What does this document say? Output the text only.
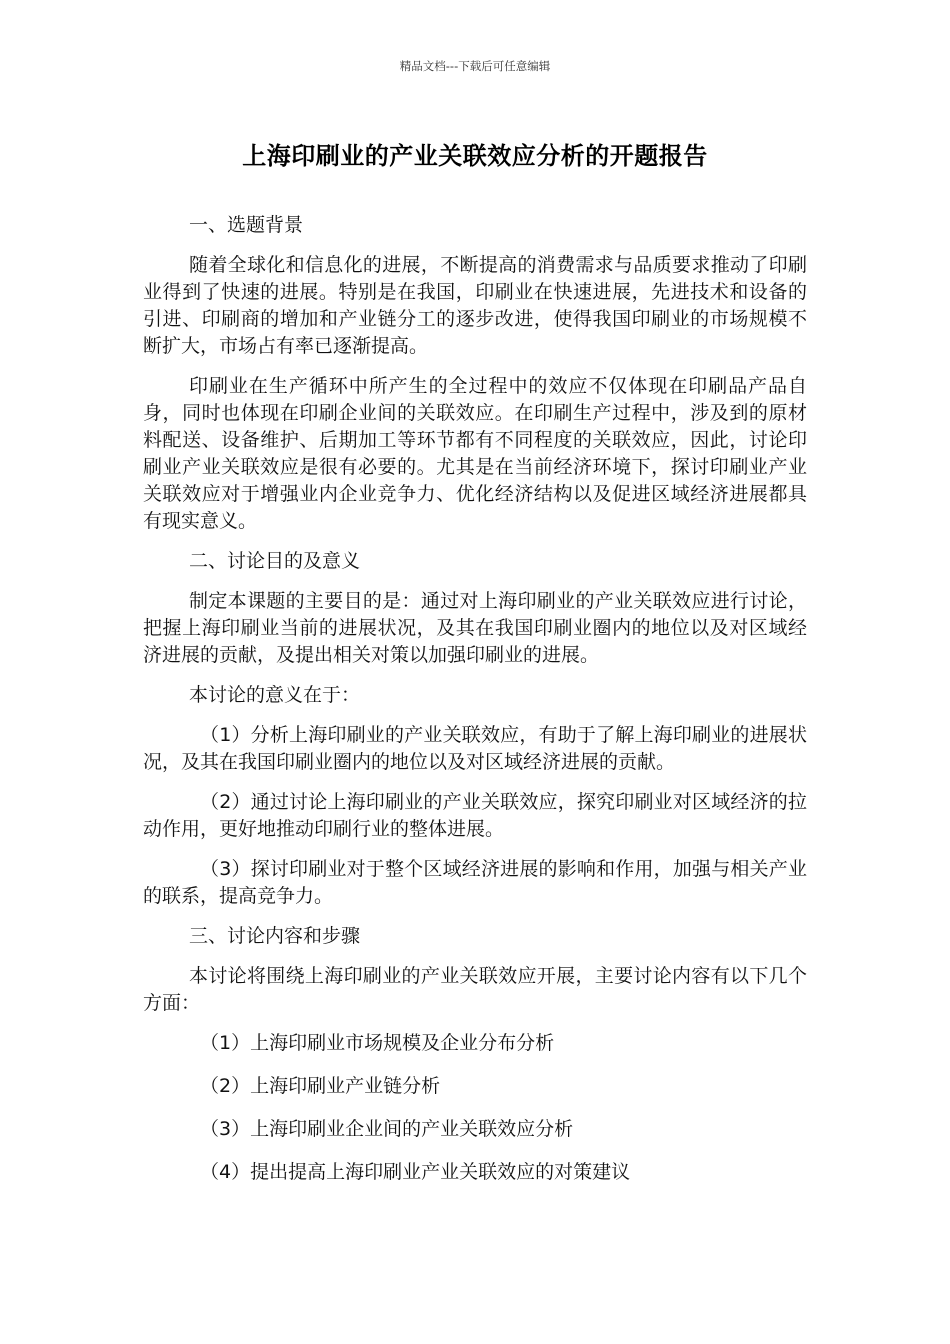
精品文档---下载后可任意编辑
上海印刷业的产业关联效应分析的开题报告

一、选题背景

随着全球化和信息化的进展，不断提高的消费需求与品质要求推动了印刷业得到了快速的进展。特别是在我国，印刷业在快速进展，先进技术和设备的引进、印刷商的增加和产业链分工的逐步改进，使得我国印刷业的市场规模不断扩大，市场占有率已逐渐提高。

印刷业在生产循环中所产生的全过程中的效应不仅体现在印刷品产品自身，同时也体现在印刷企业间的关联效应。在印刷生产过程中，涉及到的原材料配送、设备维护、后期加工等环节都有不同程度的关联效应，因此，讨论印刷业产业关联效应是很有必要的。尤其是在当前经济环境下，探讨印刷业产业关联效应对于增强业内企业竞争力、优化经济结构以及促进区域经济进展都具有现实意义。

二、讨论目的及意义

制定本课题的主要目的是：通过对上海印刷业的产业关联效应进行讨论，把握上海印刷业当前的进展状况，及其在我国印刷业圈内的地位以及对区域经济进展的贡献，及提出相关对策以加强印刷业的进展。

本讨论的意义在于：

（1）分析上海印刷业的产业关联效应，有助于了解上海印刷业的进展状况，及其在我国印刷业圈内的地位以及对区域经济进展的贡献。

（2）通过讨论上海印刷业的产业关联效应，探究印刷业对区域经济的拉动作用，更好地推动印刷行业的整体进展。

（3）探讨印刷业对于整个区域经济进展的影响和作用，加强与相关产业的联系，提高竞争力。

三、讨论内容和步骤

本讨论将围绕上海印刷业的产业关联效应开展，主要讨论内容有以下几个方面：

（1）上海印刷业市场规模及企业分布分析

（2）上海印刷业产业链分析

（3）上海印刷业企业间的产业关联效应分析

（4）提出提高上海印刷业产业关联效应的对策建议
